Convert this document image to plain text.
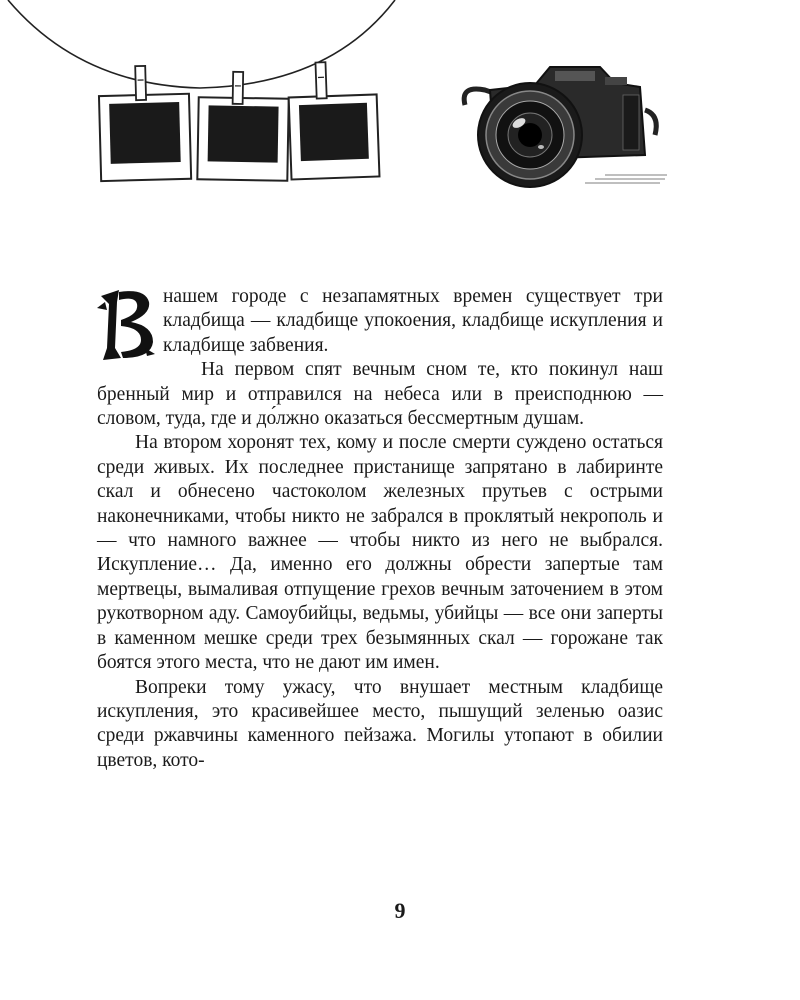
нашем городе с незапамятных времен существует три кладбища — кладбище упокоения, кладбище искупления и кладбище забвения.

На первом спят вечным сном те, кто покинул наш бренный мир и отправился на небеса или в преисподнюю — словом, туда, где и до́лжно оказаться бессмертным душам.

На втором хоронят тех, кому и после смерти суждено остаться среди живых. Их последнее пристанище запрятано в лабиринте скал и обнесено частоколом железных прутьев с острыми наконечниками, чтобы никто не забрался в проклятый некрополь и — что намного важнее — чтобы никто из него не выбрался. Искупление… Да, именно его должны обрести запертые там мертвецы, вымаливая отпущение грехов вечным заточением в этом рукотворном аду. Самоубийцы, ведьмы, убийцы — все они заперты в каменном мешке среди трех безымянных скал — горожане так боятся этого места, что не дают им имен.

Вопреки тому ужасу, что внушает местным кладбище искупления, это красивейшее место, пышущий зеленью оазис среди ржавчины каменного пейзажа. Могилы утопают в обилии цветов, кото-

9
